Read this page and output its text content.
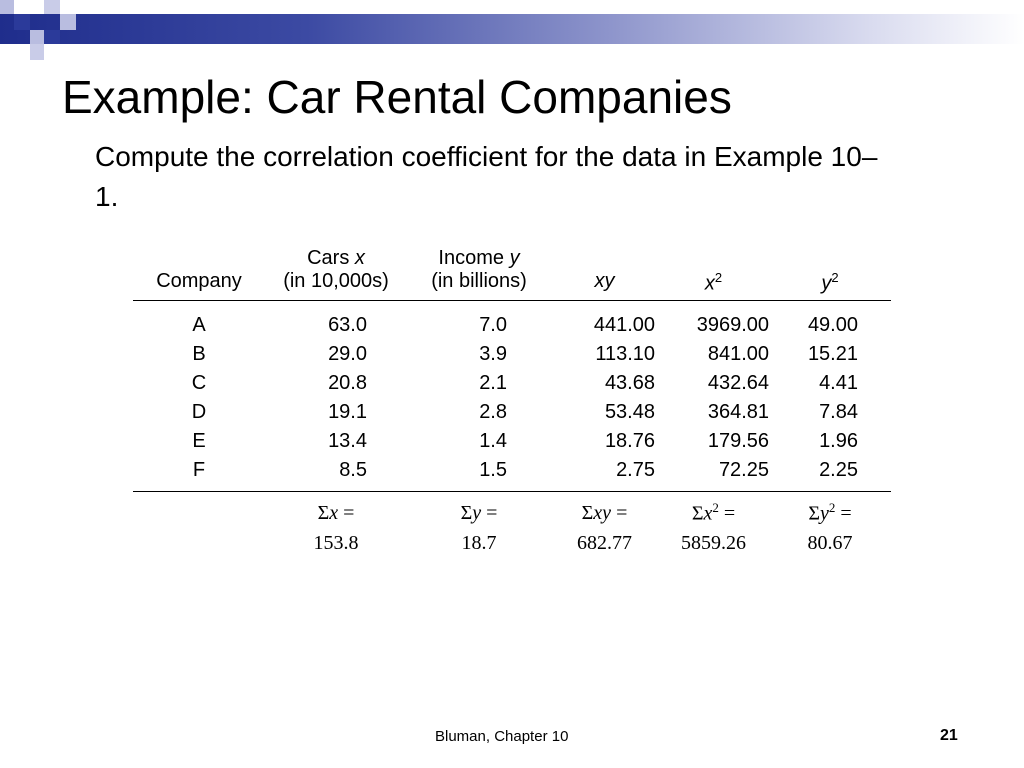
Example: Car Rental Companies

Compute the correlation coefficient for the data in Example 10–1.

	Cars x	Income y			
Company	(in 10,000s)	(in billions)	xy	$x^2$	$y^2$
A	63.0	7.0	441.00	3969.00	49.00
B	29.0	3.9	113.10	841.00	15.21
C	20.8	2.1	43.68	432.64	4.41
D	19.1	2.8	53.48	364.81	7.84
E	13.4	1.4	18.76	179.56	1.96
F	8.5	1.5	2.75	72.25	2.25
	Σx =	Σy =	Σxy =	$\Sigma x^2$ =	$\Sigma y^2$ =
	153.8	18.7	682.77	5859.26	80.67
Bluman, Chapter 10	21
